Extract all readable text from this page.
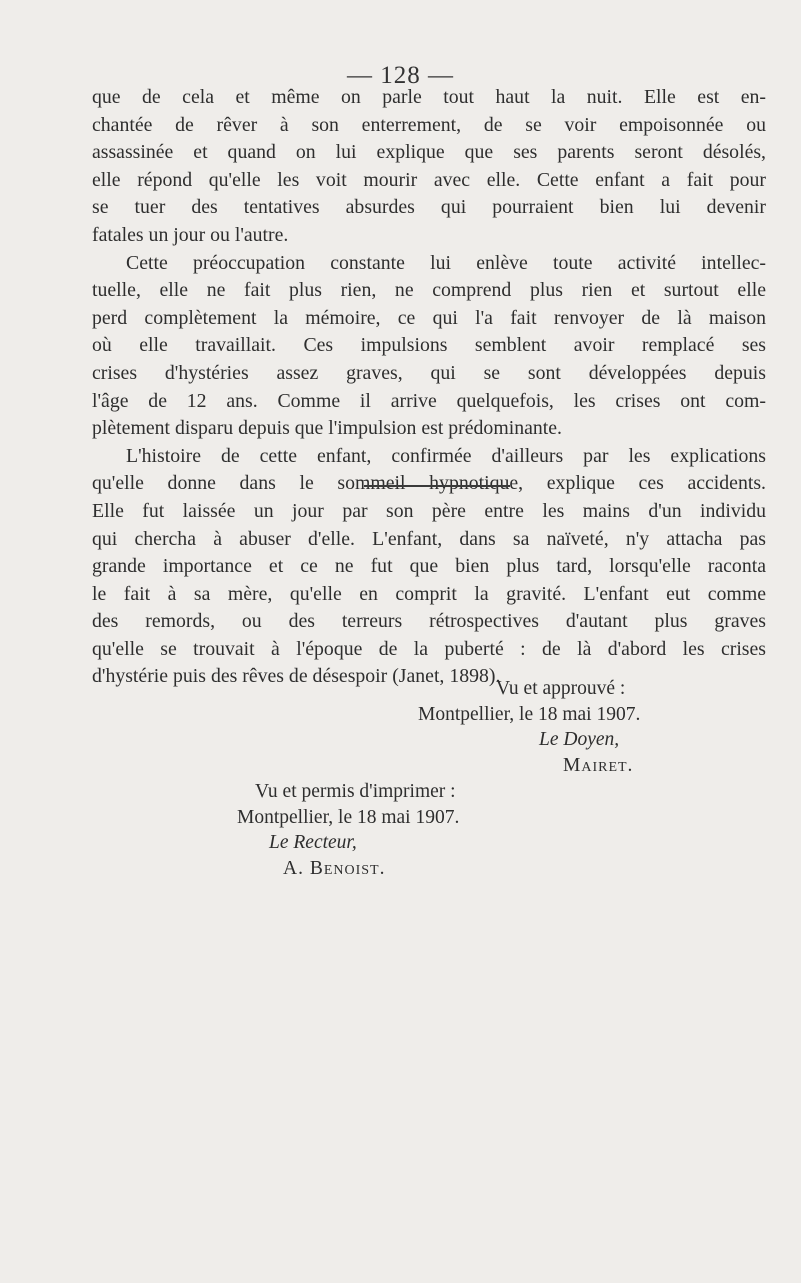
— 128 —
que de cela et même on parle tout haut la nuit. Elle est en-
chantée de rêver à son enterrement, de se voir empoisonnée ou
assassinée et quand on lui explique que ses parents seront désolés,
elle répond qu'elle les voit mourir avec elle. Cette enfant a fait pour
se tuer des tentatives absurdes qui pourraient bien lui devenir
fatales un jour ou l'autre.
Cette préoccupation constante lui enlève toute activité intellec-
tuelle, elle ne fait plus rien, ne comprend plus rien et surtout elle
perd complètement la mémoire, ce qui l'a fait renvoyer de là maison
où elle travaillait. Ces impulsions semblent avoir remplacé ses
crises d'hystéries assez graves, qui se sont développées depuis
l'âge de 12 ans. Comme il arrive quelquefois, les crises ont com-
plètement disparu depuis que l'impulsion est prédominante.
L'histoire de cette enfant, confirmée d'ailleurs par les explications
qu'elle donne dans le sommeil hypnotique, explique ces accidents.
Elle fut laissée un jour par son père entre les mains d'un individu
qui chercha à abuser d'elle. L'enfant, dans sa naïveté, n'y attacha pas
grande importance et ce ne fut que bien plus tard, lorsqu'elle raconta
le fait à sa mère, qu'elle en comprit la gravité. L'enfant eut comme
des remords, ou des terreurs rétrospectives d'autant plus graves
qu'elle se trouvait à l'époque de la puberté : de là d'abord les crises
d'hystérie puis des rêves de désespoir (Janet, 1898).
Vu et approuvé :
Montpellier, le 18 mai 1907.
Le Doyen,
Mairet.
Vu et permis d'imprimer :
Montpellier, le 18 mai 1907.
Le Recteur,
A. Benoist.
